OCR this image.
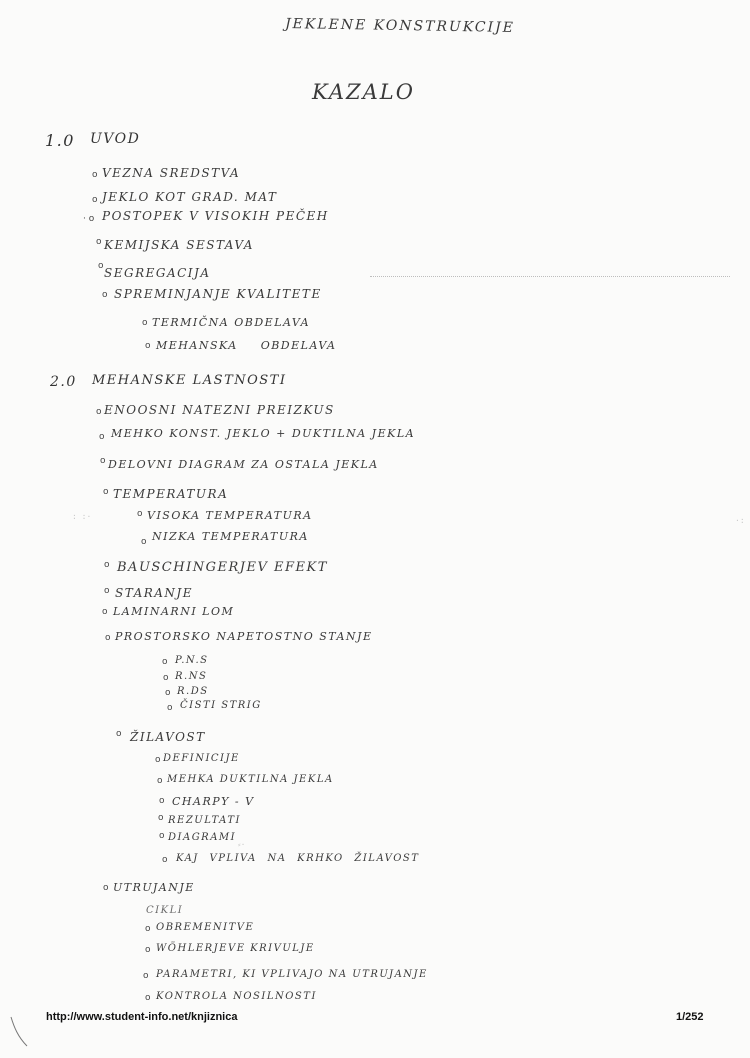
: :·	·:
⸗·
JEKLENE KONSTRUKCIJE
KAZALO
1.0 UVOD
o VEZNA SREDSTVA
o JEKLO KOT GRAD. MAT
· o POSTOPEK V VISOKIH PEČEH
o KEMIJSKA SESTAVA
o SEGREGACIJA
o SPREMINJANJE KVALITETE
o TERMIČNA OBDELAVA
o MEHANSKA OBDELAVA
2.0 MEHANSKE LASTNOSTI
o ENOOSNI NATEZNI PREIZKUS
o MEHKO KONST. JEKLO + DUKTILNA JEKLA
o DELOVNI DIAGRAM ZA OSTALA JEKLA
o TEMPERATURA
o VISOKA TEMPERATURA
o NIZKA TEMPERATURA
o BAUSCHINGERJEV EFEKT
o STARANJE
o LAMINARNI LOM
o PROSTORSKO NAPETOSTNO STANJE
o P.N.S
o R.NS
o R.DS
o ČISTI STRIG
o ŽILAVOST
o DEFINICIJE
o MEHKA DUKTILNA JEKLA
o CHARPY - V
o REZULTATI
o DIAGRAMI
o KAJ VPLIVA NA KRHKO ŽILAVOST
o UTRUJANJE
CIKLI
o OBREMENITVE
o WÖHLERJEVE KRIVULJE
o PARAMETRI, KI VPLIVAJO NA UTRUJANJE
o KONTROLA NOSILNOSTI
http://www.student-info.net/knjiznica	1/252
